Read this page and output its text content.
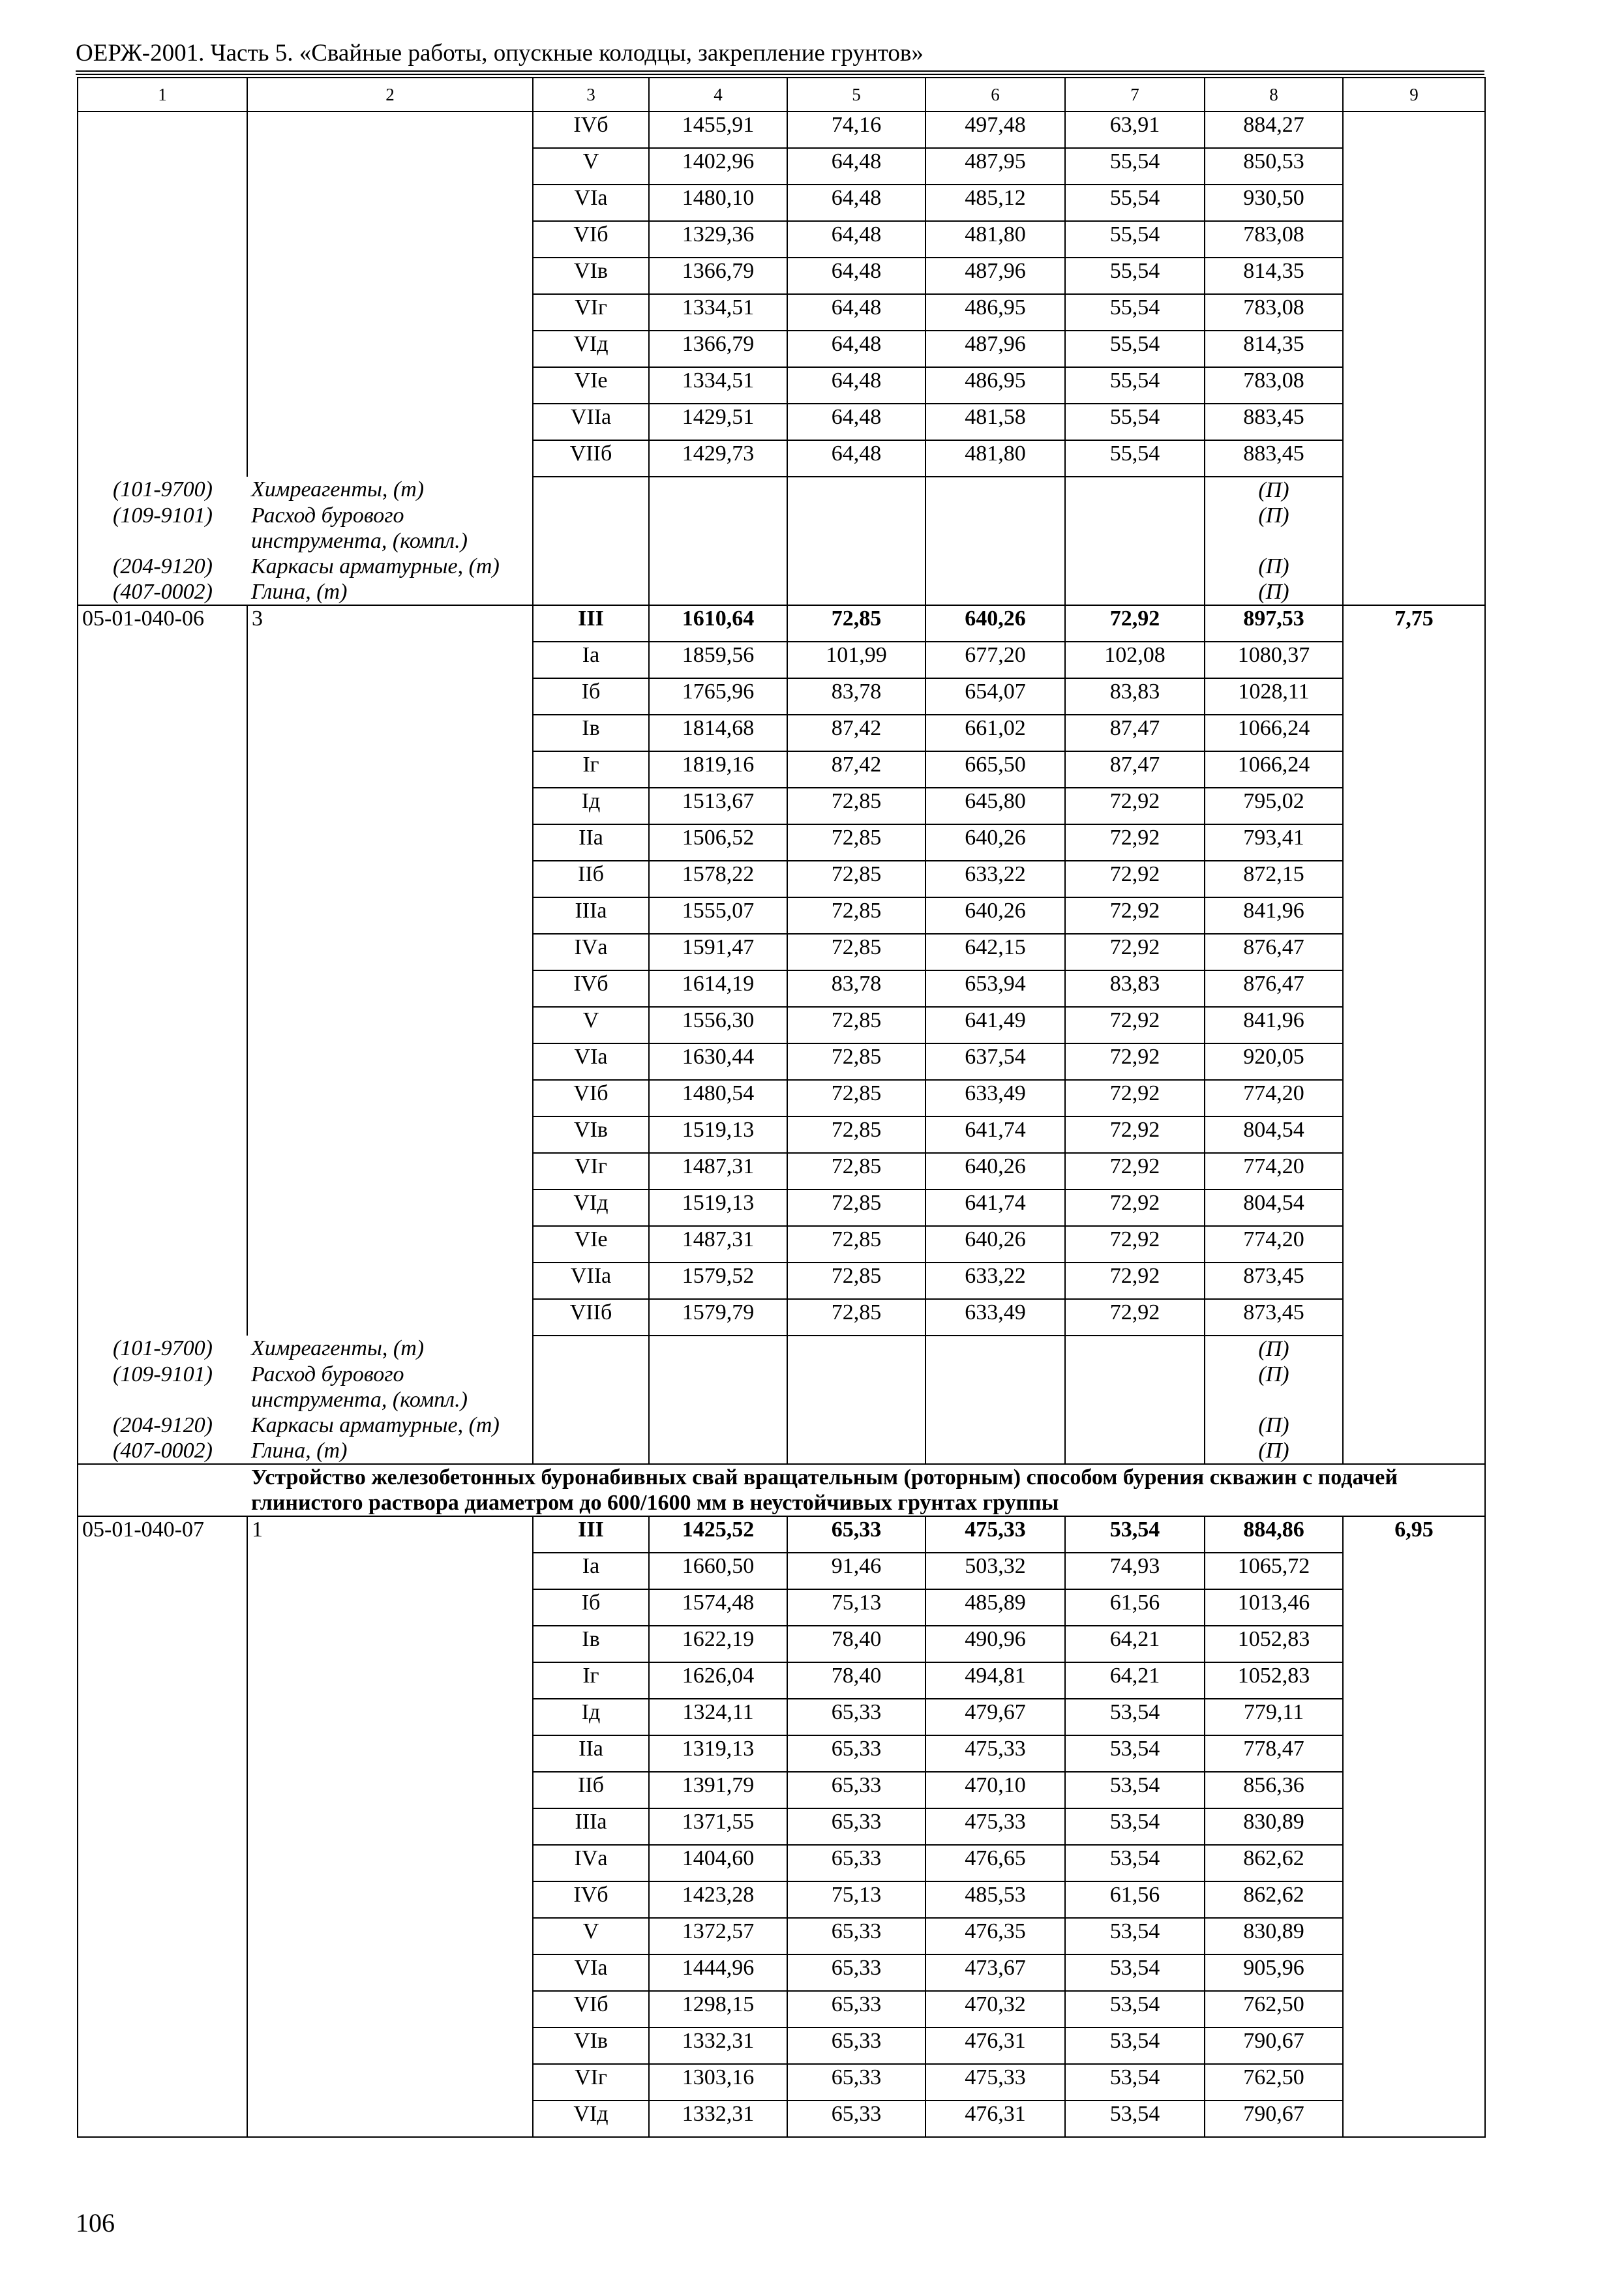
ОЕРЖ-2001. Часть 5. «Свайные работы, опускные колодцы, закрепление грунтов»
1	2	3	4	5	6	7	8	9
		IVб	1455,91	74,16	497,48	63,91	884,27	
		V	1402,96	64,48	487,95	55,54	850,53	
		VIа	1480,10	64,48	485,12	55,54	930,50	
		VIб	1329,36	64,48	481,80	55,54	783,08	
		VIв	1366,79	64,48	487,96	55,54	814,35	
		VIг	1334,51	64,48	486,95	55,54	783,08	
		VIд	1366,79	64,48	487,96	55,54	814,35	
		VIе	1334,51	64,48	486,95	55,54	783,08	
		VIIа	1429,51	64,48	481,58	55,54	883,45	
		VIIб	1429,73	64,48	481,80	55,54	883,45	
(101-9700)	Химреагенты, (т)						(П)	
(109-9101)	Расход бурового инструмента, (компл.)						(П)	
(204-9120)	Каркасы арматурные, (т)						(П)	
(407-0002)	Глина, (т)						(П)	
05-01-040-06	3	III	1610,64	72,85	640,26	72,92	897,53	7,75
		Iа	1859,56	101,99	677,20	102,08	1080,37	
		Iб	1765,96	83,78	654,07	83,83	1028,11	
		Iв	1814,68	87,42	661,02	87,47	1066,24	
		Iг	1819,16	87,42	665,50	87,47	1066,24	
		Iд	1513,67	72,85	645,80	72,92	795,02	
		IIа	1506,52	72,85	640,26	72,92	793,41	
		IIб	1578,22	72,85	633,22	72,92	872,15	
		IIIа	1555,07	72,85	640,26	72,92	841,96	
		IVа	1591,47	72,85	642,15	72,92	876,47	
		IVб	1614,19	83,78	653,94	83,83	876,47	
		V	1556,30	72,85	641,49	72,92	841,96	
		VIа	1630,44	72,85	637,54	72,92	920,05	
		VIб	1480,54	72,85	633,49	72,92	774,20	
		VIв	1519,13	72,85	641,74	72,92	804,54	
		VIг	1487,31	72,85	640,26	72,92	774,20	
		VIд	1519,13	72,85	641,74	72,92	804,54	
		VIе	1487,31	72,85	640,26	72,92	774,20	
		VIIа	1579,52	72,85	633,22	72,92	873,45	
		VIIб	1579,79	72,85	633,49	72,92	873,45	
(101-9700)	Химреагенты, (т)						(П)	
(109-9101)	Расход бурового инструмента, (компл.)						(П)	
(204-9120)	Каркасы арматурные, (т)						(П)	
(407-0002)	Глина, (т)						(П)	
	Устройство железобетонных буронабивных свай вращательным (роторным) способом бурения скважин с подачей глинистого раствора диаметром до 600/1600 мм в неустойчивых грунтах группы							
05-01-040-07	1	III	1425,52	65,33	475,33	53,54	884,86	6,95
		Iа	1660,50	91,46	503,32	74,93	1065,72	
		Iб	1574,48	75,13	485,89	61,56	1013,46	
		Iв	1622,19	78,40	490,96	64,21	1052,83	
		Iг	1626,04	78,40	494,81	64,21	1052,83	
		Iд	1324,11	65,33	479,67	53,54	779,11	
		IIа	1319,13	65,33	475,33	53,54	778,47	
		IIб	1391,79	65,33	470,10	53,54	856,36	
		IIIа	1371,55	65,33	475,33	53,54	830,89	
		IVа	1404,60	65,33	476,65	53,54	862,62	
		IVб	1423,28	75,13	485,53	61,56	862,62	
		V	1372,57	65,33	476,35	53,54	830,89	
		VIа	1444,96	65,33	473,67	53,54	905,96	
		VIб	1298,15	65,33	470,32	53,54	762,50	
		VIв	1332,31	65,33	476,31	53,54	790,67	
		VIг	1303,16	65,33	475,33	53,54	762,50	
		VIд	1332,31	65,33	476,31	53,54	790,67	
106
